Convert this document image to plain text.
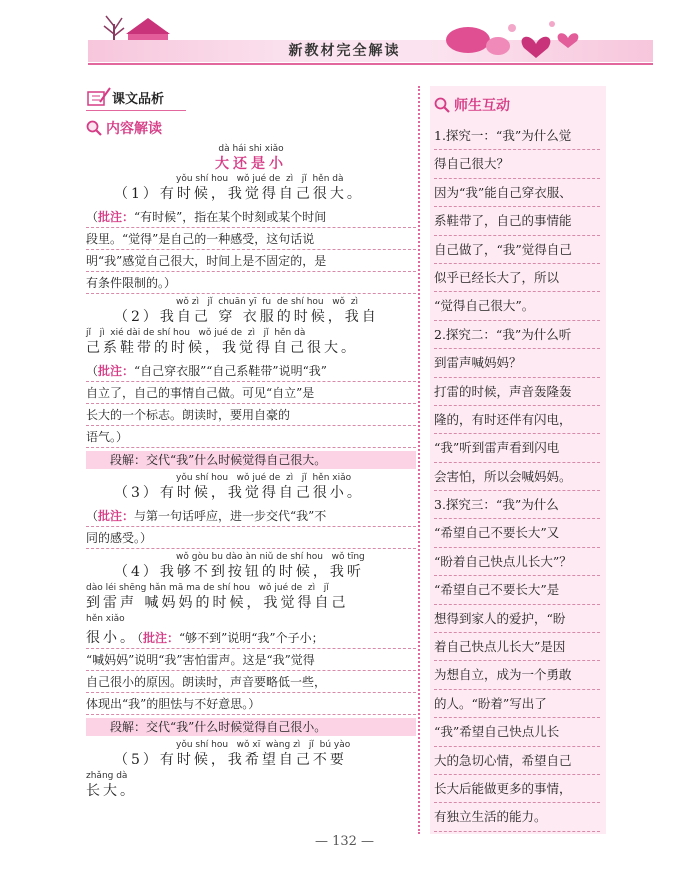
新教材完全解读
课文品析
内容解读
dà hái shi xiǎo
大还是小
yǒu shí hou   wǒ jué de  zì   jǐ  hěn dà
（1）有时候，我觉得自己很大。
（批注：“有时候”，指在某个时刻或某个时间
段里。“觉得”是自己的一种感受，这句话说
明“我”感觉自己很大，时间上是不固定的，是
有条件限制的。）
wǒ zì   jǐ  chuān yī  fu  de shí hou   wǒ  zì
（2）我自己 穿 衣服的时候，我自
jǐ   jì  xié dài de shí hou   wǒ jué de  zì   jǐ  hěn dà
己系鞋带的时候，我觉得自己很大。
（批注：“自己穿衣服”“自己系鞋带”说明“我”
自立了，自己的事情自己做。可见“自立”是
长大的一个标志。朗读时，要用自豪的
语气。）
段解：交代“我”什么时候觉得自己很大。
yǒu shí hou   wǒ jué de  zì   jǐ  hěn xiǎo
（3）有时候，我觉得自己很小。
（批注：与第一句话呼应，进一步交代“我”不
同的感受。）
wǒ gòu bu dào àn niǔ de shí hou   wǒ tīng
（4）我够不到按钮的时候，我听
dào léi shēng hǎn mā ma de shí hou   wǒ jué de  zì   jǐ
到雷声 喊妈妈的时候，我觉得自己
hěn xiǎo
很小。（批注：“够不到”说明“我”个子小；
“喊妈妈”说明“我”害怕雷声。这是“我”觉得
自己很小的原因。朗读时，声音要略低一些，
体现出“我”的胆怯与不好意思。）
段解：交代“我”什么时候觉得自己很小。
yǒu shí hou   wǒ xī  wàng zì   jǐ  bú yào
（5）有时候，我希望自己不要
zhǎng dà
长大。
师生互动
1.探究一：“我”为什么觉
得自己很大？
因为“我”能自己穿衣服、
系鞋带了，自己的事情能
自己做了，“我”觉得自己
似乎已经长大了，所以
“觉得自己很大”。
2.探究二：“我”为什么听
到雷声喊妈妈？
打雷的时候，声音轰隆轰
隆的，有时还伴有闪电，
“我”听到雷声看到闪电
会害怕，所以会喊妈妈。
3.探究三：“我”为什么
“希望自己不要长大”又
“盼着自己快点儿长大”？
“希望自己不要长大”是
想得到家人的爱护，“盼
着自己快点儿长大”是因
为想自立，成为一个勇敢
的人。“盼着”写出了
“我”希望自己快点儿长
大的急切心情，希望自己
长大后能做更多的事情，
有独立生活的能力。
— 132 —
